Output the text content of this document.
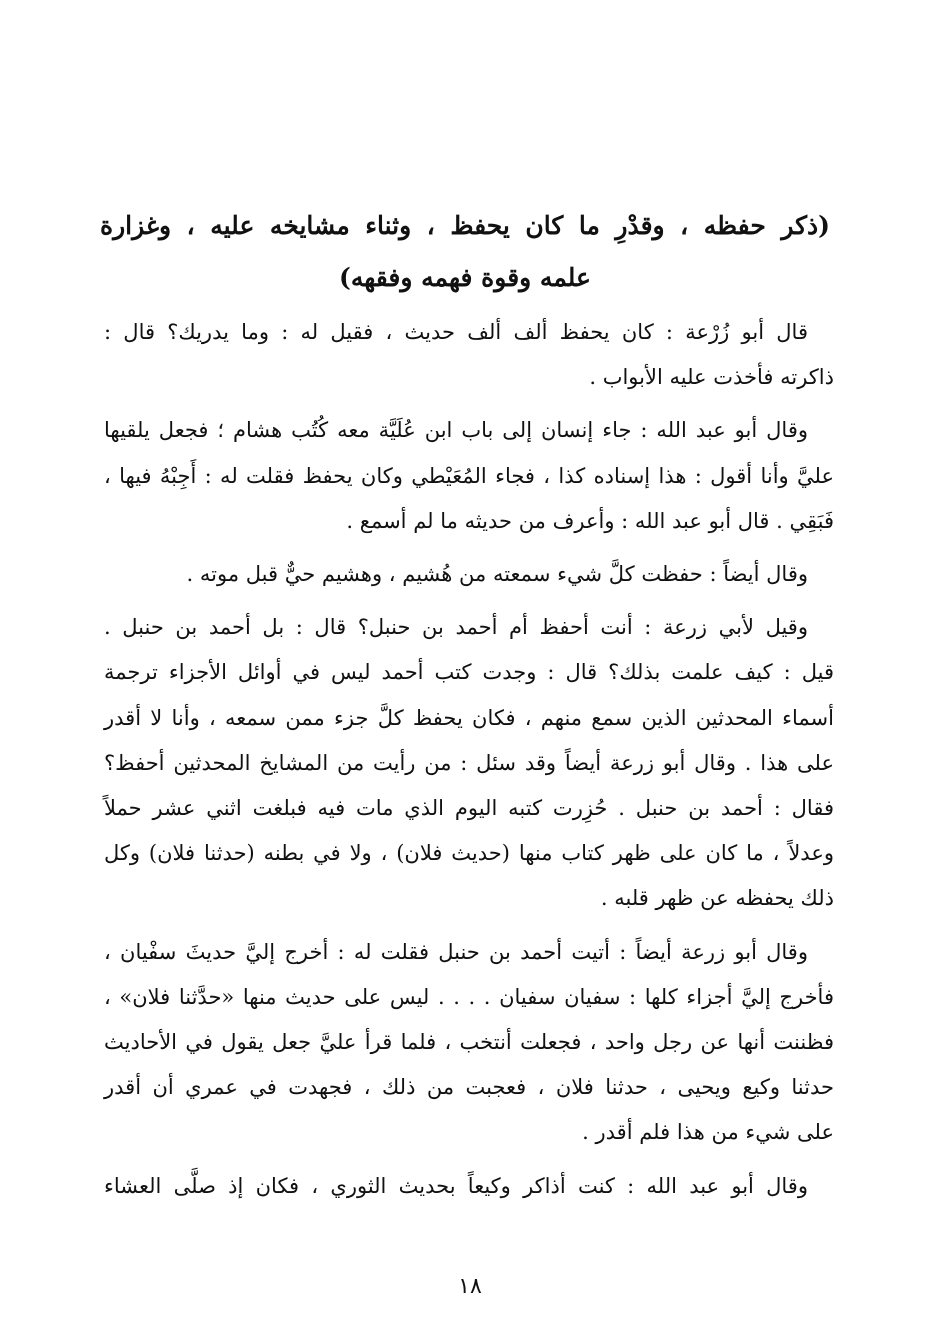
(ذكر حفظه ، وقدْرِ ما كان يحفظ ، وثناء مشايخه عليه ، وغزارة
علمه وقوة فهمه وفقهه)
قال أبو زُرْعة : كان يحفظ ألف ألف حديث ، فقيل له : وما يدريك؟ قال :
ذاكرته فأخذت عليه الأبواب .
وقال أبو عبد الله : جاء إنسان إلى باب ابن عُلَيَّة معه كُتُب هشام ؛ فجعل يلقيها
عليَّ وأنا أقول : هذا إسناده كذا ، فجاء المُعَيْطي وكان يحفظ فقلت له : أَجِبْهُ فيها ،
فَبَقِي . قال أبو عبد الله : وأعرف من حديثه ما لم أسمع .
وقال أيضاً : حفظت كلَّ شيء سمعته من هُشيم ، وهشيم حيٌّ قبل موته .
وقيل لأبي زرعة : أنت أحفظ أم أحمد بن حنبل؟ قال : بل أحمد بن حنبل .
قيل : كيف علمت بذلك؟ قال : وجدت كتب أحمد ليس في أوائل الأجزاء ترجمة
أسماء المحدثين الذين سمع منهم ، فكان يحفظ كلَّ جزء ممن سمعه ، وأنا لا أقدر
على هذا . وقال أبو زرعة أيضاً وقد سئل : من رأيت من المشايخ المحدثين أحفظ؟
فقال : أحمد بن حنبل . حُزِرت كتبه اليوم الذي مات فيه فبلغت اثني عشر حملاً
وعدلاً ، ما كان على ظهر كتاب منها (حديث فلان) ، ولا في بطنه (حدثنا فلان) وكل
ذلك يحفظه عن ظهر قلبه .
وقال أبو زرعة أيضاً : أتيت أحمد بن حنبل فقلت له : أخرج إليَّ حديثَ سفْيان ،
فأخرج إليَّ أجزاء كلها : سفيان سفيان . . . . ليس على حديث منها «حدَّثنا فلان» ،
فظننت أنها عن رجل واحد ، فجعلت أنتخب ، فلما قرأ عليَّ جعل يقول في الأحاديث
حدثنا وكيع ويحيى ، حدثنا فلان ، فعجبت من ذلك ، فجهدت في عمري أن أقدر
على شيء من هذا فلم أقدر .
وقال أبو عبد الله : كنت أذاكر وكيعاً بحديث الثوري ، فكان إذ صلَّى العشاء
١٨
